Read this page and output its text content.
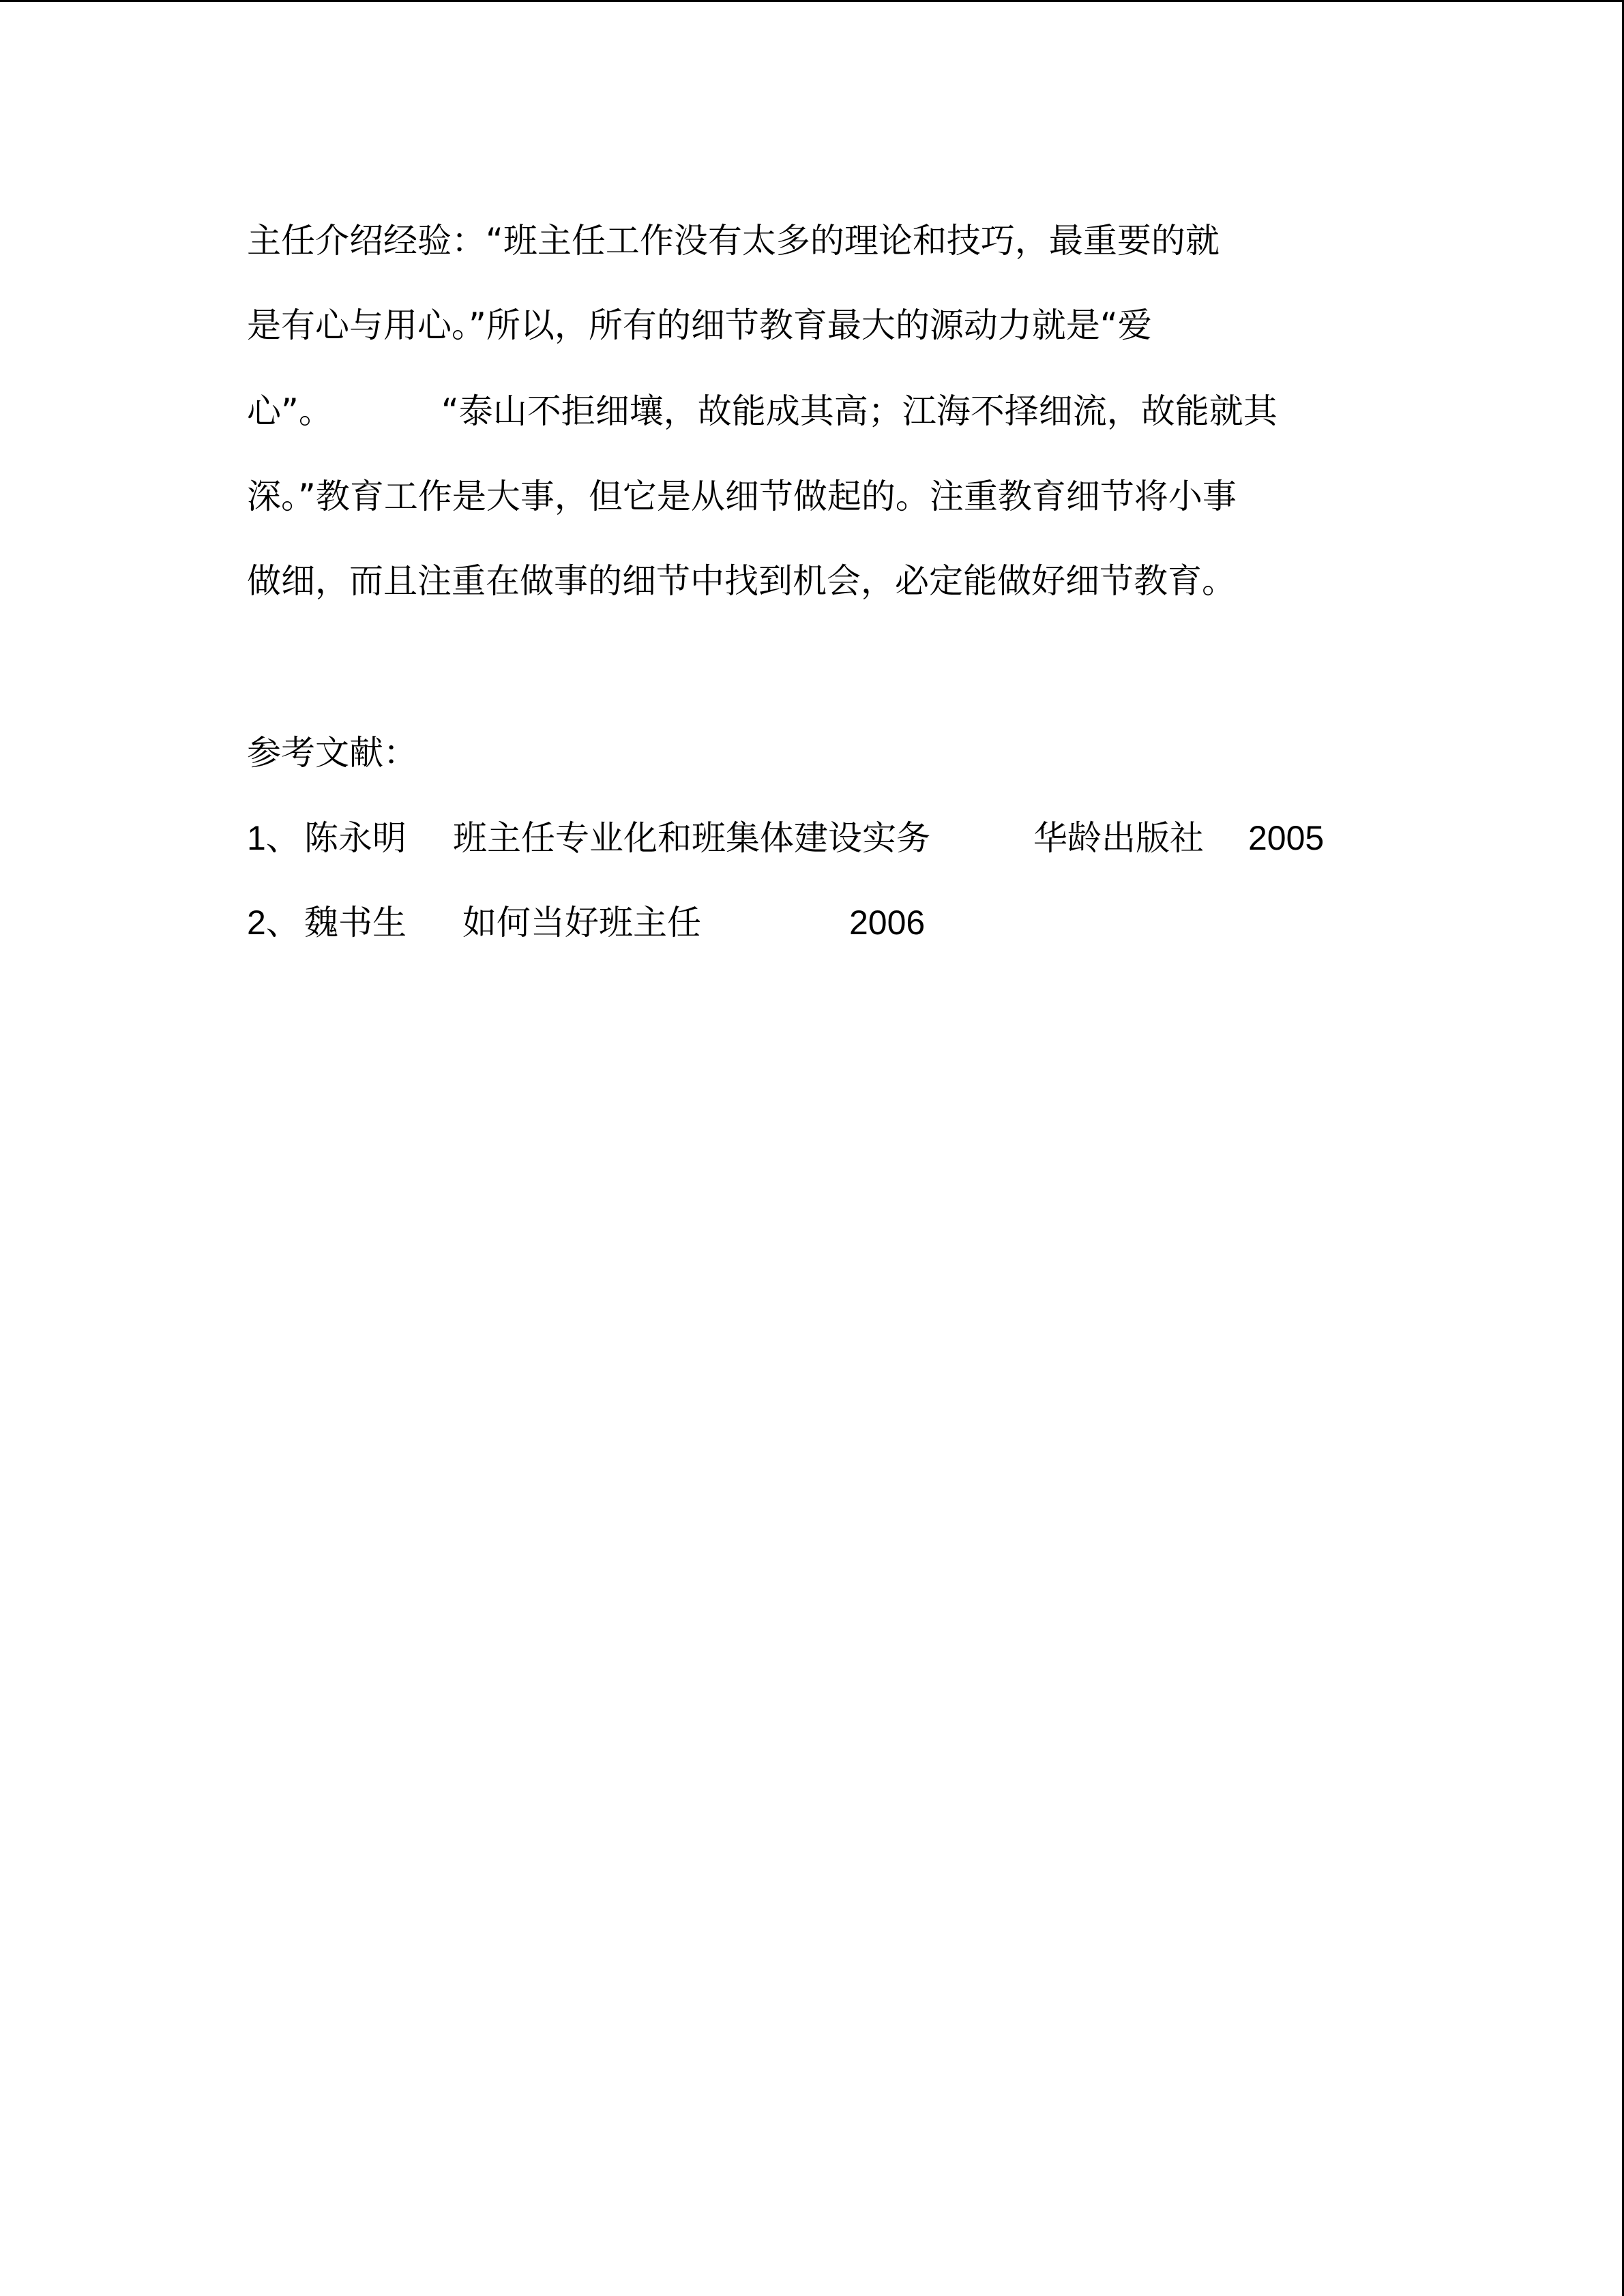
主任介绍经验：“班主任工作没有太多的理论和技巧，最重要的就

是有心与用心。”所以，所有的细节教育最大的源动力就是“爱

心”。          “泰山不拒细壤，故能成其高；江海不择细流，故能就其

深。”教育工作是大事，但它是从细节做起的。注重教育细节将小事

做细，而且注重在做事的细节中找到机会，必定能做好细节教育。

参考文献：

1、

陈永明

班主任专业化和班集体建设实务

	华龄出版社

2005

2、

魏书生

如何当好班主任

	2006
